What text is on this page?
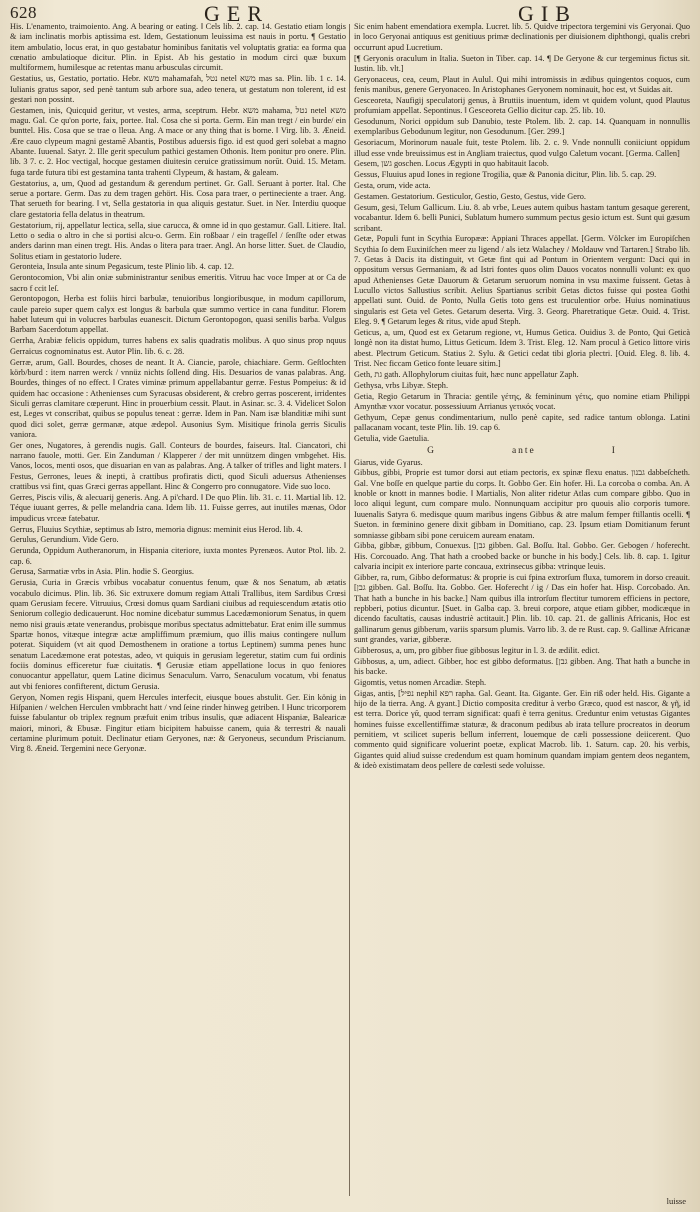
628	GER	GIB

His. L'enamento, traimoiento. Ang. A bearing or eating. ‖ Cels lib. 2. cap. 14. Gestatio etiam longis & iam inclinatis morbis aptissima est. Idem, Gestationum leuissima est nauis in portu. ¶ Gestatio item ambulatio, locus erat, in quo gestabatur hominibus fanitatis vel voluptatis gratia: ea forma qua cœnatio ambulatioque dicitur. Plin. in Epist. Ab his gestatio in modum circi quæ buxum multiformem, humilesque ac retentas manu arbusculas circumit.

Gestatius, us, Gestatio, portatio. Hebr. משא mahamafah, נטל netel משא mas sa. Plin. lib. 1 c. 14. Iulianis gratus sapor, sed penè tantum sub arbore sua, adeo tenera, ut gestatum non tolerent, id est gestari non possint.

Gestamen, inis, Quicquid geritur, vt vestes, arma, sceptrum. Hebr. משא mahama, נטל netel משא magu. Gal. Ce qu'on porte, faix, portee. Ital. Cosa che si porta. Germ. Ein man tregt / ein burde/ ein bunttel. His. Cosa que se trae o lleua. Ang. A mace or any thing that is borne. ‖ Virg. lib. 3. Æneid. Ære cauo clypeum magni gestamē Abantis, Postibus aduersis figo. id est quod geri solebat a magno Abante. Iuuenal. Satyr. 2. Ille gerit speculum pathici gestamen Othonis. Item ponitur pro onere. Plin. lib. 3 7. c. 2. Hoc vectigal, hocque gestamen diuitesin ceruice gratissimum norūt. Ouid. 15. Metam. fuga tarde futura tibi est gestamina tanta trahenti Clypeum, & hastam, & galeam.

Gestatorius, a, um, Quod ad gestandum & gerendum pertinet. Gr. Gall. Seruant à porter. Ital. Che serue a portare. Germ. Das zu dem tragen gehört. His. Cosa para traer, o pertineciente a traer. Ang. That serueth for bearing. ‖ vt, Sella gestatoria in qua aliquis gestatur. Suet. in Ner. Interdiu quoque clare gestatoria fella delatus in theatrum.

Gestatorium, rij, appellatur lectica, sella, siue carucca, & omne id in quo gestamur. Gall. Litiere. Ital. Letto o sedia o altro in che si portisi alcu-o. Germ. Ein roßbaar / ein trageſſel / ſenſſte oder etwas anders darinn man einen tregt. His. Andas o litera para traer. Angl. An horse litter. Suet. de Claudio, Solitus etiam in gestatorio ludere.

Geronteia, Insula ante sinum Pegasicum, teste Plinio lib. 4. cap. 12.

Gerontocomion, Vbi alin oniæ subministrantur senibus emeritis. Vitruu hac voce Imper at or Ca de sacro f ccit leſ.

Gerontopogon, Herba est foliis hirci barbulæ, tenuioribus longioribusque, in modum capillorum, caule pareio super quem calyx est longus & barbula quæ summo vertice in cana funditur. Florem habet luteum qui in volucres barbulas euanescit. Dictum Gerontopogon, quasi senilis barba. Vulgus Barbam Sacerdotum appellat.

Gerrha, Arabiæ felicis oppidum, turres habens ex salis quadratis molibus. A quo sinus prop nquus Gerraicus cognominatus est. Autor Plin. lib. 6. c. 28.

Gerræ, arum, Gall. Bourdes, choses de neant. It A. Ciancie, parole, chiachiare. Germ. Geſtlochten körb/burd : item narren werck / vnnüz nichts ſollend ding. His. Desuarios de vanas palabras. Ang. Bourdes, thinges of no effect. ‖ Crates viminæ primum appellabantur gerræ. Festus Pompeius: & id quidem hac occasione : Athenienses cum Syracusas obsiderent, & crebro gerras poscerent, irridentes Siculi gerras clamitare cœperunt. Hinc in prouerbium cessit. Plaut. in Asinar. sc. 3. 4. Videlicet Solon est, Leges vt conscribat, quibus se populus teneat : gerræ. Idem in Pan. Nam isæ blanditiæ mihi sunt quod dici solet, gerræ germanæ, atque ædepol. Ausonius Sym. Misitique frinola gerris Siculis vaniora.

Ger ones, Nugatores, à gerendis nugis. Gall. Conteurs de bourdes, faiseurs. Ital. Ciancatori, chi narrano fauole, motti. Ger. Ein Zanduman / Klapperer / der mit unnützem dingen vmbgehet. His. Vanos, locos, menti osos, que disuarian en van as palabras. Ang. A talker of trifles and light maters. ‖ Festus, Gerrones, leues & inepti, à crattibus profiratis dicti, quod Siculi aduersus Athenienses crattibus vsi fint, quas Græci gerras appellant. Hinc & Congerro pro connugatore. Vide suo loco.

Gerres, Piscis vilis, & alecuarij generis. Ang. A pi'chard. ‖ De quo Plin. lib. 31. c. 11. Martial lib. 12. Téque iuuant gerres, & pelle melandria cana. Idem lib. 11. Fuisse gerres, aut inutiles mænas, Odor impudicus vrceæ fatebatur.

Gerrus, Fluuius Scythiæ, septimus ab Istro, memoria dignus: meminit eius Herod. lib. 4.

Gerulus, Gerundium. Vide Gero.

Gerunda, Oppidum Autheranorum, in Hispania citeriore, iuxta montes Pyrenæos. Autor Ptol. lib. 2. cap. 6.

Gerusa, Sarmatiæ vrbs in Asia. Plin. hodie S. Georgius.

Gerusia, Curia in Græcis vrbibus vocabatur conuentus fenum, quæ & nos Senatum, ab ætatis vocabulo dicimus. Plin. lib. 36. Sic extruxere domum regiam Attali Trallibus, item Sardibus Crœsi quam Gerusiam fecere. Vitruuius, Crœsi domus quam Sardiani ciuibus ad requiescendum ætatis otio Seniorum collegio dedicauerunt. Hoc nomine dicebatur summus Lacedæmoniorum Senatus, in quem nemo nisi grauis ætate venerandus, probisque moribus spectatus admittebatur. Erat enim ille summus Spartæ honos, vitæque integræ actæ ampliffimum præmium, quo illis maius contingere nullum poterat. Siquidem (vt ait quod Demosthenem in oratione a tortus Leptinem) summa penes hunc senatum Lacedæmone erat potestas, adeo, vt quiquis in gerusiam legeretur, statim cum fui ordinis fociis dominus efficeretur fuæ ciuitatis. ¶ Gerusiæ etiam appellatione locus in quo feniores conuocantur appellatur, quem Latine dicimus Senaculum. Varro, Senaculum vocatum, vbi fenatus aut vbi feniores confifterent, dictum Gerusia.

Geryon, Nomen regis Hispani, quem Hercules interfecit, eiusque boues abstulit. Ger. Ein könig in Hiſpanien / welchen Herculen vmbbracht hatt / vnd ſeine rinder hinweg getriben. ‖ Hunc tricorporem fuisse fabulantur ob triplex regnum præfuit enim tribus insulis, quæ adiacent Hispaniæ, Balearicæ maiori, minori, & Ebusæ. Fingitur etiam bicipitem habuisse canem, quia & terrestri & nauali certamine plurimum potuit. Declinatur etiam Geryones, næ: & Geryoneus, secundum Priscianum. Virg 8. Æneid. Tergemini nece Geryonæ.

Sic enim habent emendatiora exempla. Lucret. lib. 5. Quidve tripectora tergemini vis Geryonai. Quo in loco Geryonai antiquus est genitiuus primæ declinationis per diuisionem diphthongi, qualis crebri occurrunt apud Lucretium.

[¶ Geryonis oraculum in Italia. Sueton in Tiber. cap. 14. ¶ De Geryone & cur tergeminus fictus sit. Iustin. lib. vlt.]

Geryonaceus, cea, ceum, Plaut in Aulul. Qui mihi intromissis in ædibus quingentos coquos, cum fenis manibus, genere Geryonaceo. In Aristophanes Geryonem nominauit, hoc est, vt Suidas ait.

Gesceoreta, Naufigij speculatorij genus, à Bruttiis inuentum, idem vt quidem volunt, quod Plautus profumiam appellat. Sepontinus. ‖ Gesceoreta Gellio dicitur cap. 25. lib. 10.

Gesodunum, Norici oppidum sub Danubio, teste Ptolem. lib. 2. cap. 14. Quanquam in nonnullis exemplaribus Gebodunum legitur, non Gesodunum. [Ger. 299.]

Gesoriacum, Morinorum nauale fuit, teste Ptolem. lib. 2. c. 9. Vnde nonnulli coniiciunt oppidum illud esse vnde breuissimus est in Angliam traiectus, quod vulgo Caletum vocant. [Germa. Callen]

Gesem, גשן goschen. Locus Ægypti in quo habitauit Iacob.

Gessus, Fluuius apud Iones in regione Trogilia, quæ & Panonia dicitur, Plin. lib. 5. cap. 29.

Gesta, orum, vide acta.

Gestamen. Gestatorium. Gesticulor, Gestio, Gesto, Gestus, vide Gero.

Gesum, gesi, Telum Gallicum. Liu. 8. ab vrbe, Leues autem quibus hastam tantum gesaque gererent, vocabantur. Idem 6. belli Punici, Sublatum humero summum pectus gesio ictum est. Sunt qui gæsum scribant.

Getæ, Populi funt in Scythia Europææ: Appiani Thraces appellat. [Germ. Völcker im Europiſchen Scythia ſo dem Euxiniſchen meer zu ligend / als ietz Walachey / Moldauw vnd Tartaren.] Strabo lib. 7. Getas à Dacis ita distinguit, vt Getæ fint qui ad Pontum in Orientem vergunt: Daci qui in oppositum versus Germaniam, & ad Istri fontes quos olim Dauos vocatos nonnulli volunt: ex quo apud Athenienses Getæ Dauorum & Getarum seruorum nomina in vsu maxime fuissent. Getas à Lucullo victos Sallustius scribit. Aelius Spartianus scribit Getas dictos fuisse qui postea Gothi appellati sunt. Ouid. de Ponto, Nulla Getis toto gens est truculentior orbe. Huius nominatiuus singularis est Geta vel Getes. Getarum deserta. Virg. 3. Georg. Pharetratique Getæ. Ouid. 4. Trist. Eleg. 9. ¶ Getarum leges & ritus, vide apud Steph.

Geticus, a, um, Quod est ex Getarum regione, vt, Humus Getica. Ouidius 3. de Ponto, Qui Geticà longè non ita distat humo, Littus Geticum. Idem 3. Trist. Eleg. 12. Nam procul à Getico littore viris abest. Plectrum Geticum. Statius 2. Sylu. & Getici cedat tibi gloria plectri. [Ouid. Eleg. 8. lib. 4. Trist. Nec ficcam Getico fonte leuare sitim.]

Geth, גת gath. Allophylorum ciuitas fuit, hæc nunc appellatur Zaph.

Gethysa, vrbs Libyæ. Steph.

Getia, Regio Getarum in Thracia: gentile γέτης, & femininum γέτις, quo nomine etiam Philippi Amynthæ vxor vocatur. possessiuum Arrianus γετικός vocat.

Gethyum, Cepæ genus condimentarium, nullo penè capite, sed radice tantum oblonga. Latini pallacanam vocant, teste Plin. lib. 19. cap 6.

Getulia, vide Gaetulia.

G	ante	I

Giarus, vide Gyarus.

Gibbus, gibbi, Proprie est tumor dorsi aut etiam pectoris, ex spinæ flexu enatus. גבנון dabbeſcheth. Gal. Vne boſſe en quelque partie du corps. It. Gobbo Ger. Ein hofer. Hi. La corcoba o comba. An. A knoble or knott in mannes bodie. ‖ Martialis, Non aliter ridetur Atlas cum compare gibbo. Quo in loco aliqui legunt, cum compare mulo. Nonnunquam accipitur pro quouis alio corporis tumore. Iuuenalis Satyra 6. medisque quum maribus ingens Gibbus & atre malum femper ftillantis ocelli. ¶ Sueton. in fœminino genere dixit gibbam in Domitiano, cap. 23. Ipsum etiam Domitianum ferunt somniasse gibbam sibi pone ceruicem auream enatam.

Gibba, gibbæ, gibbum, Conuexus. [גבן gibben. Gal. Boſſu. Ital. Gobbo. Ger. Gebogen / hoferecht. His. Corcouado. Ang. That hath a croobed backe or bunche in his body.] Cels. lib. 8. cap. 1. Igitur calvaria incipit ex interiore parte concaua, extrinsecus gibba: vtrinque leuis.

Gibber, ra, rum, Gibbo deformatus: & proprie is cui fpina extrorſum fluxa, tumorem in dorso creauit. [גבן gibben. Gal. Boſſu. Ita. Gobbo. Ger. Hoferecht / ig / Das ein hofer hat. Hisp. Corcobado. An. That hath a bunche in his backe.] Nam quibus illa introrſum flectitur tumorem efficiens in pectore, repbberi, potius dicuntur. [Suet. in Galba cap. 3. breui corpore, atque etiam gibber, modicæque in dicendo facultatis, causas industriè actitauit.] Plin. lib. 10. cap. 21. de gallinis Africanis, Hoc est gallinarum genus gibberum, variis sparsum plumis. Varro lib. 3. de re Rust. cap. 9. Gallinæ Africanæ sunt grandes, variæ, gibberæ.

Gibberosus, a, um, pro gibber fiue gibbosus legitur in l. 3. de ædilit. edict.

Gibbosus, a, um, adiect. Gibber, hoc est gibbo deformatus. [גבן gibben. Ang. That hath a bunche in his backe.

Gigomtis, vetus nomen Arcadiæ. Steph.

Gigas, antis, [נפיל nephil רפא rapha. Gal. Geant. Ita. Gigante. Ger. Ein riß oder held. His. Gigante a hijo de la tierra. Ang. A gyant.] Dictio composita creditur à verbo Græco, quod est nascor, & γῆ, id est terra. Dorice γᾶ, quod terram significat: quafi è terra genitus. Creduntur enim vetustas Gigantes homines fuisse excellentiffimæ staturæ, & draconum pedibus ab irata tellure procreatos in deorum pernitiem, vt scilicet superis bellum inferrent, louemque de cæli possessione deiicerent. Quo commento quid significare voluerint poetæ, explicat Macrob. lib. 1. Saturn. cap. 20. his verbis, Gigantes quid aliud suisse credendum est quam hominum quandam impiam gentem deos negantem, & ideò existimatam deos pellere de cœlesti sede voluisse.

luisse
